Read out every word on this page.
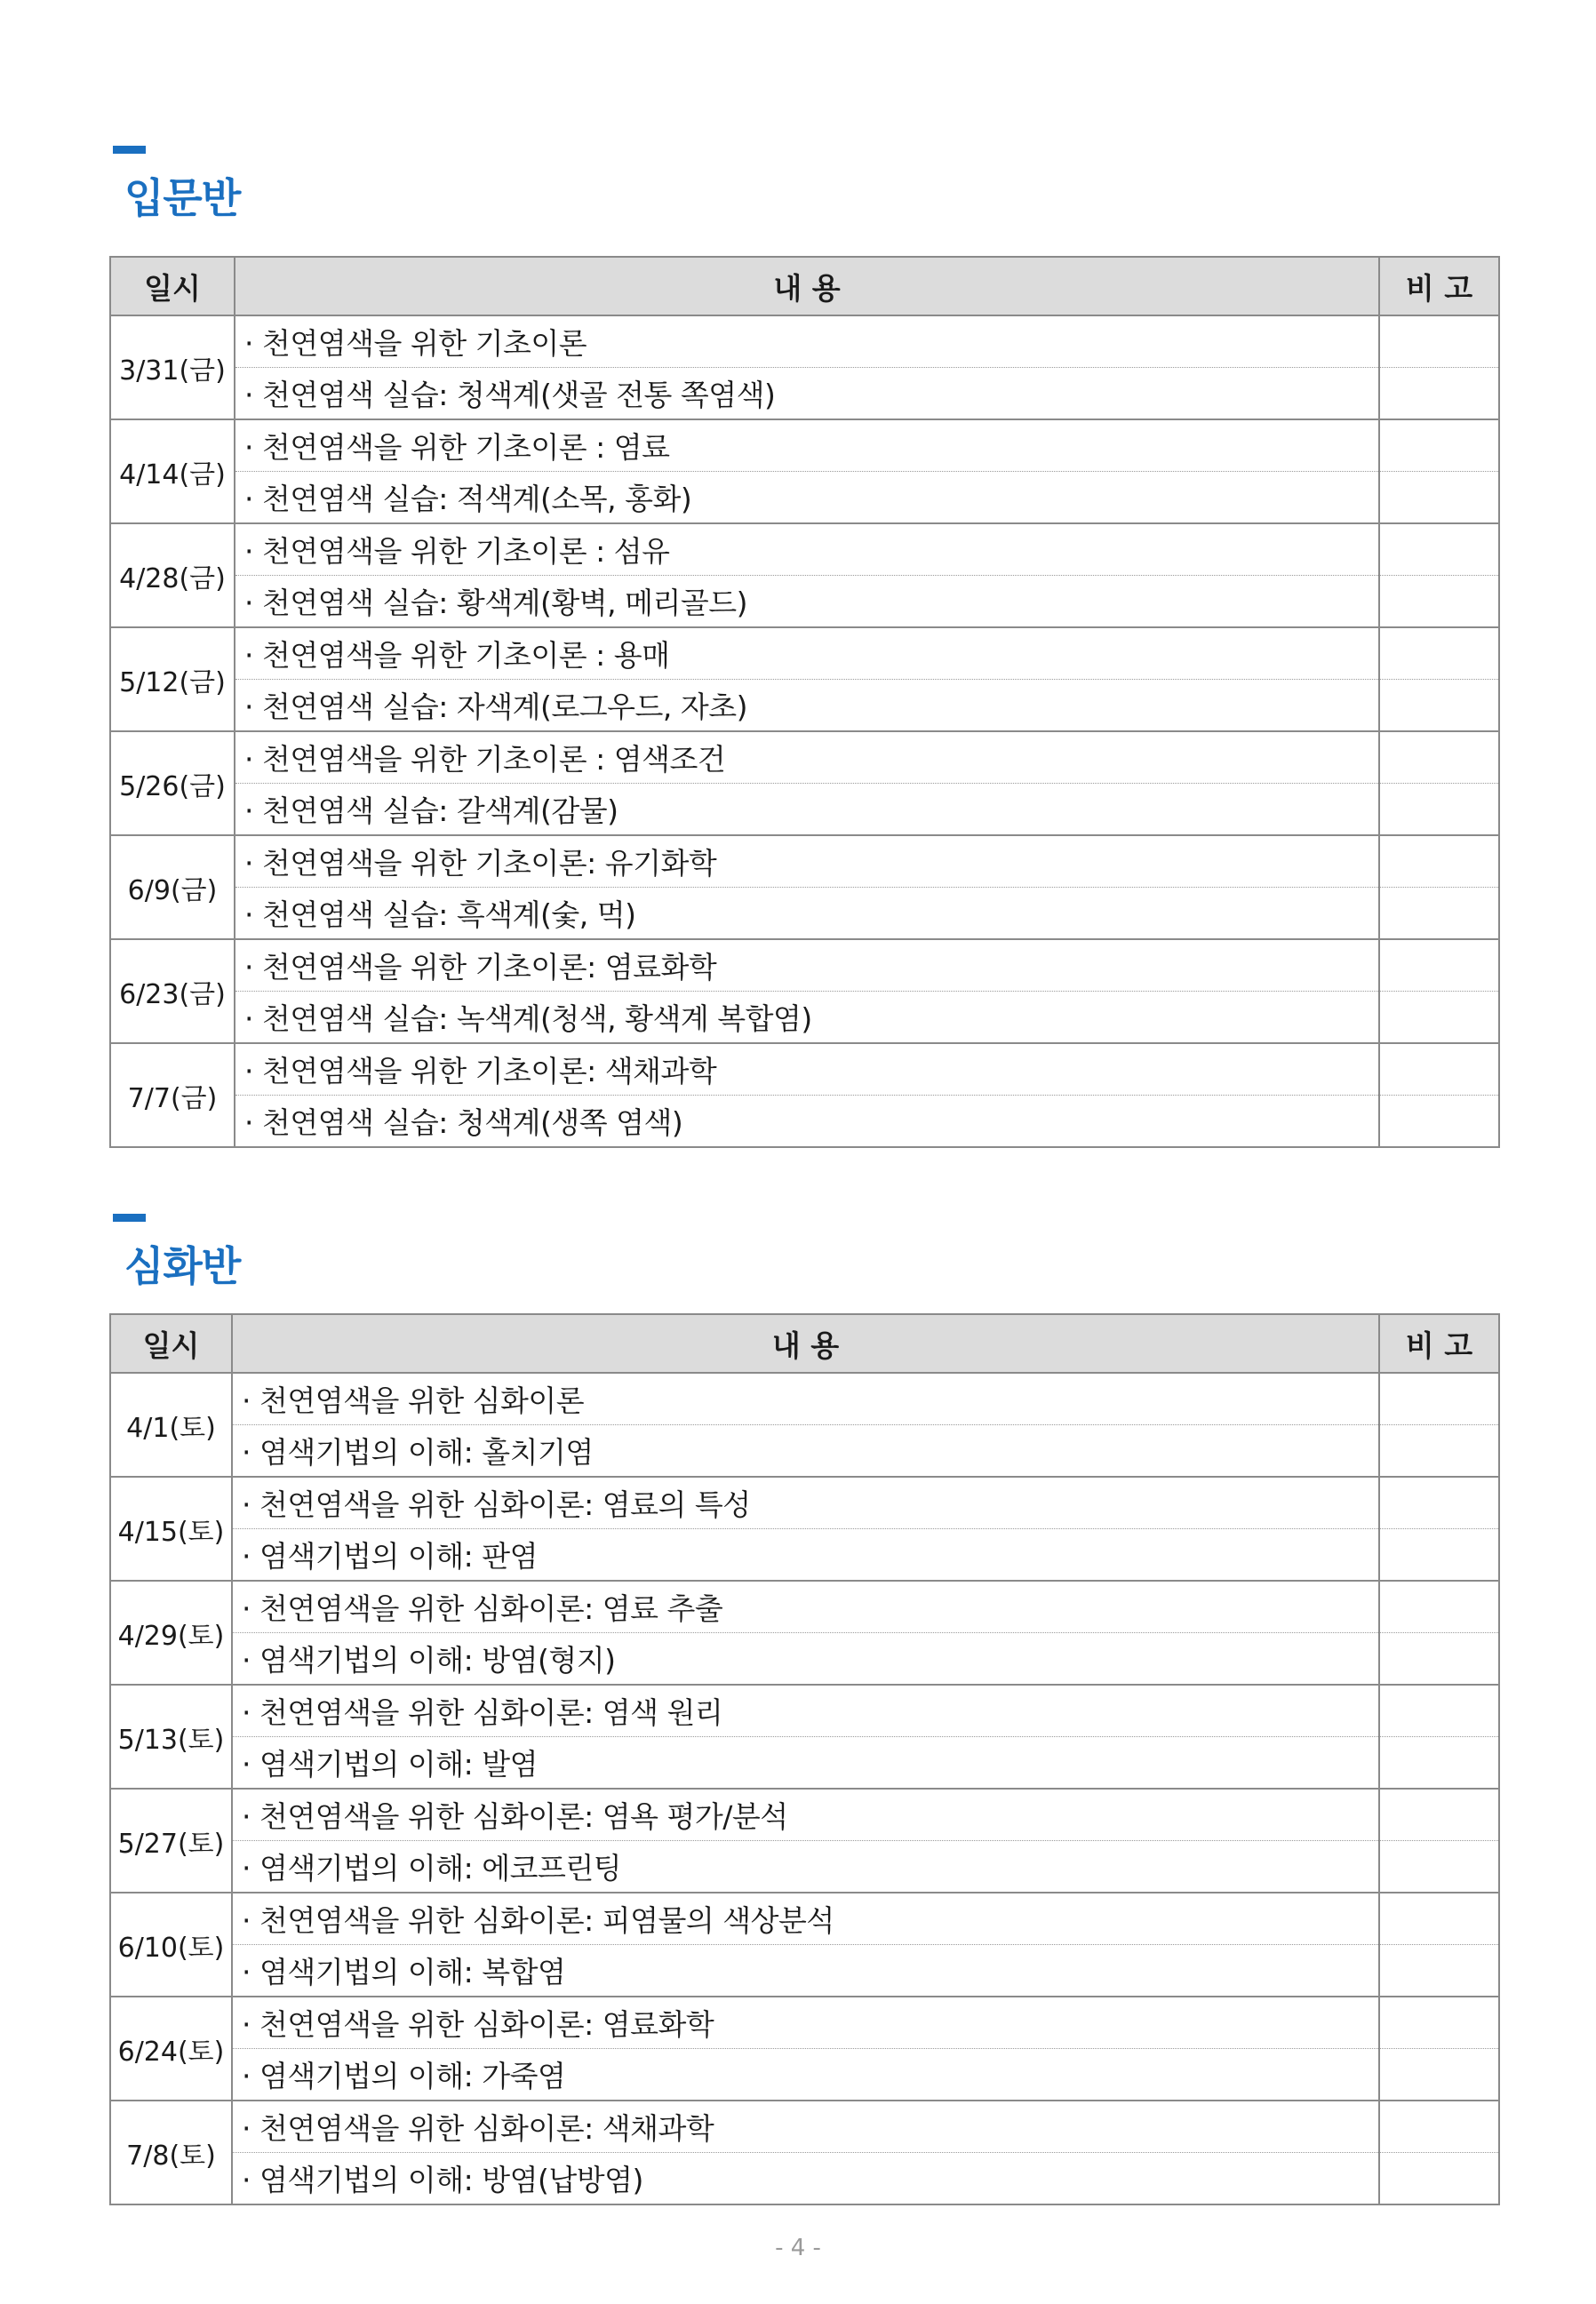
입문반
일시	내 용	비 고
3/31(금)	· 천연염색을 위한 기초이론	
	· 천연염색 실습: 청색계(샛골 전통 쪽염색)	
4/14(금)	· 천연염색을 위한 기초이론 : 염료	
	· 천연염색 실습: 적색계(소목, 홍화)	
4/28(금)	· 천연염색을 위한 기초이론 : 섬유	
	· 천연염색 실습: 황색계(황벽, 메리골드)	
5/12(금)	· 천연염색을 위한 기초이론 : 용매	
	· 천연염색 실습: 자색계(로그우드, 자초)	
5/26(금)	· 천연염색을 위한 기초이론 : 염색조건	
	· 천연염색 실습: 갈색계(감물)	
6/9(금)	· 천연염색을 위한 기초이론: 유기화학	
	· 천연염색 실습: 흑색계(숯, 먹)	
6/23(금)	· 천연염색을 위한 기초이론: 염료화학	
	· 천연염색 실습: 녹색계(청색, 황색계 복합염)	
7/7(금)	· 천연염색을 위한 기초이론: 색채과학	
	· 천연염색 실습: 청색계(생쪽 염색)	
심화반
일시	내 용	비 고
4/1(토)	· 천연염색을 위한 심화이론	
	· 염색기법의 이해: 홀치기염	
4/15(토)	· 천연염색을 위한 심화이론: 염료의 특성	
	· 염색기법의 이해: 판염	
4/29(토)	· 천연염색을 위한 심화이론: 염료 추출	
	· 염색기법의 이해: 방염(형지)	
5/13(토)	· 천연염색을 위한 심화이론: 염색 원리	
	· 염색기법의 이해: 발염	
5/27(토)	· 천연염색을 위한 심화이론: 염욕 평가/분석	
	· 염색기법의 이해: 에코프린팅	
6/10(토)	· 천연염색을 위한 심화이론: 피염물의 색상분석	
	· 염색기법의 이해: 복합염	
6/24(토)	· 천연염색을 위한 심화이론: 염료화학	
	· 염색기법의 이해: 가죽염	
7/8(토)	· 천연염색을 위한 심화이론: 색채과학	
	· 염색기법의 이해: 방염(납방염)	
- 4 -
